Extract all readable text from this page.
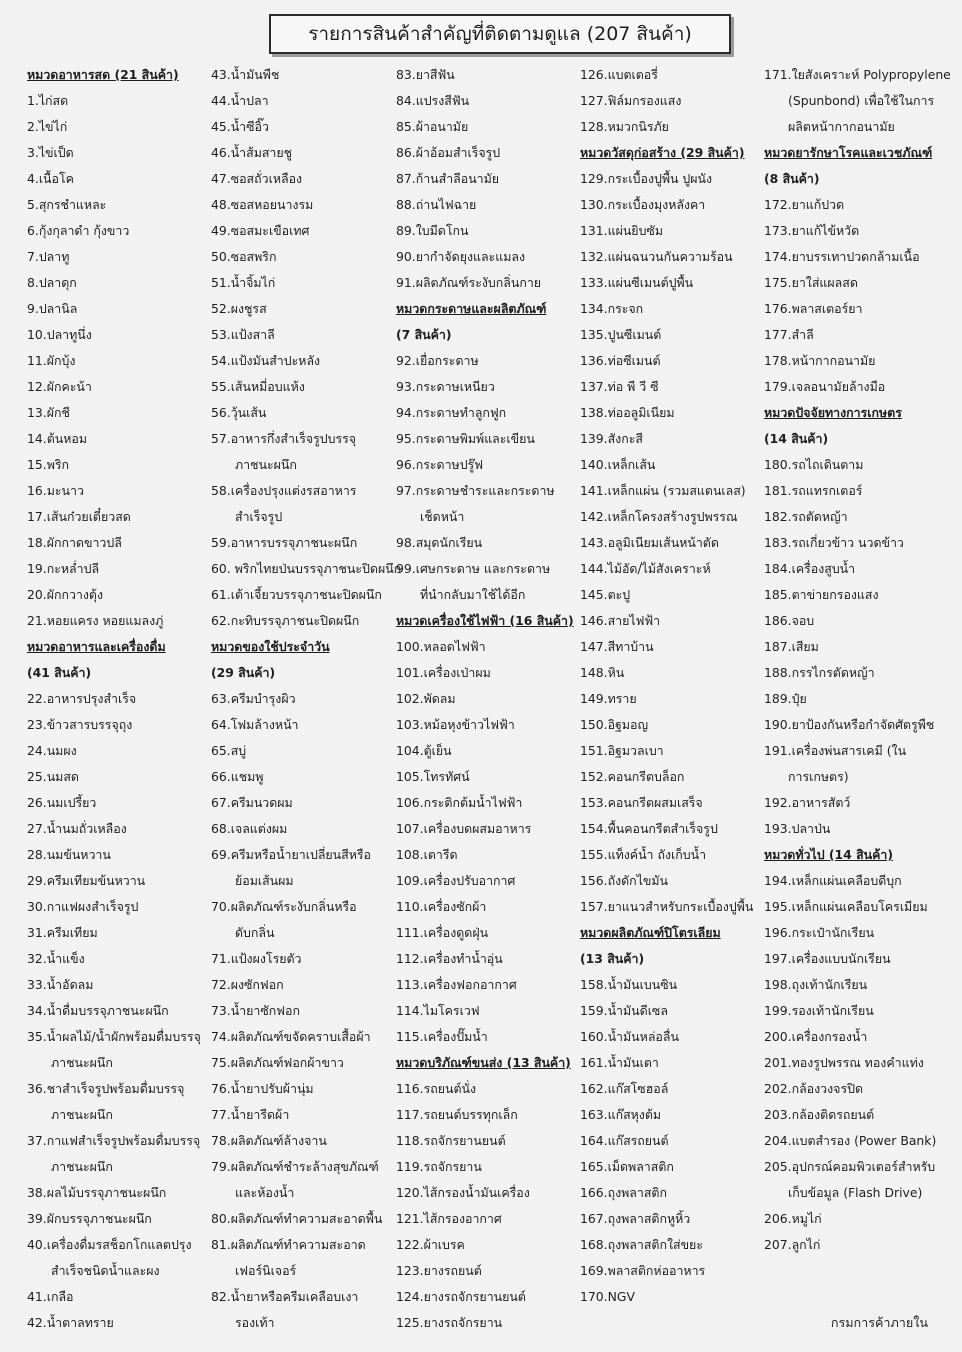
รายการสินค้าสำคัญที่ติดตามดูแล (207 สินค้า)
หมวดอาหารสด (21 สินค้า)
1.ไก่สด
2.ไข่ไก่
3.ไข่เป็ด
4.เนื้อโค
5.สุกรชำแหละ
6.กุ้งกุลาดำ กุ้งขาว
7.ปลาทู
8.ปลาดุก
9.ปลานิล
10.ปลาทูนึ่ง
11.ผักบุ้ง
12.ผักคะน้า
13.ผักชี
14.ต้นหอม
15.พริก
16.มะนาว
17.เส้นก๋วยเตี๋ยวสด
18.ผักกาดขาวปลี
19.กะหล่ำปลี
20.ผักกวางตุ้ง
21.หอยแครง หอยแมลงภู่
หมวดอาหารและเครื่องดื่ม
(41 สินค้า)
22.อาหารปรุงสำเร็จ
23.ข้าวสารบรรจุถุง
24.นมผง
25.นมสด
26.นมเปรี้ยว
27.น้ำนมถั่วเหลือง
28.นมข้นหวาน
29.ครีมเทียมข้นหวาน
30.กาแฟผงสำเร็จรูป
31.ครีมเทียม
32.น้ำแข็ง
33.น้ำอัดลม
34.น้ำดื่มบรรจุภาชนะผนึก
35.น้ำผลไม้/น้ำผักพร้อมดื่มบรรจุ
ภาชนะผนึก
36.ชาสำเร็จรูปพร้อมดื่มบรรจุ
ภาชนะผนึก
37.กาแฟสำเร็จรูปพร้อมดื่มบรรจุ
ภาชนะผนึก
38.ผลไม้บรรจุภาชนะผนึก
39.ผักบรรจุภาชนะผนึก
40.เครื่องดื่มรสช็อกโกแลตปรุง
สำเร็จชนิดน้ำและผง
41.เกลือ
42.น้ำตาลทราย
43.น้ำมันพืช
44.น้ำปลา
45.น้ำซีอิ๊ว
46.น้ำส้มสายชู
47.ซอสถั่วเหลือง
48.ซอสหอยนางรม
49.ซอสมะเขือเทศ
50.ซอสพริก
51.น้ำจิ้มไก่
52.ผงชูรส
53.แป้งสาลี
54.แป้งมันสำปะหลัง
55.เส้นหมี่อบแห้ง
56.วุ้นเส้น
57.อาหารกึ่งสำเร็จรูปบรรจุ
ภาชนะผนึก
58.เครื่องปรุงแต่งรสอาหาร
สำเร็จรูป
59.อาหารบรรจุภาชนะผนึก
60. พริกไทยป่นบรรจุภาชนะปิดผนึก
61.เต้าเจี้ยวบรรจุภาชนะปิดผนึก
62.กะทิบรรจุภาชนะปิดผนึก
หมวดของใช้ประจำวัน
(29 สินค้า)
63.ครีมบำรุงผิว
64.โฟมล้างหน้า
65.สบู่
66.แชมพู
67.ครีมนวดผม
68.เจลแต่งผม
69.ครีมหรือน้ำยาเปลี่ยนสีหรือ
ย้อมเส้นผม
70.ผลิตภัณฑ์ระงับกลิ่นหรือ
ดับกลิ่น
71.แป้งผงโรยตัว
72.ผงซักฟอก
73.น้ำยาซักฟอก
74.ผลิตภัณฑ์ขจัดคราบเสื้อผ้า
75.ผลิตภัณฑ์ฟอกผ้าขาว
76.น้ำยาปรับผ้านุ่ม
77.น้ำยารีดผ้า
78.ผลิตภัณฑ์ล้างจาน
79.ผลิตภัณฑ์ชำระล้างสุขภัณฑ์
และห้องน้ำ
80.ผลิตภัณฑ์ทำความสะอาดพื้น
81.ผลิตภัณฑ์ทำความสะอาด
เฟอร์นิเจอร์
82.น้ำยาหรือครีมเคลือบเงา
รองเท้า
83.ยาสีฟัน
84.แปรงสีฟัน
85.ผ้าอนามัย
86.ผ้าอ้อมสำเร็จรูป
87.ก้านสำลีอนามัย
88.ถ่านไฟฉาย
89.ใบมีดโกน
90.ยากำจัดยุงและแมลง
91.ผลิตภัณฑ์ระงับกลิ่นกาย
หมวดกระดาษและผลิตภัณฑ์
(7 สินค้า)
92.เยื่อกระดาษ
93.กระดาษเหนียว
94.กระดาษทำลูกฟูก
95.กระดาษพิมพ์และเขียน
96.กระดาษปรู๊ฟ
97.กระดาษชำระและกระดาษ
เช็ดหน้า
98.สมุดนักเรียน
99.เศษกระดาษ และกระดาษ
ที่นำกลับมาใช้ได้อีก
หมวดเครื่องใช้ไฟฟ้า (16 สินค้า)
100.หลอดไฟฟ้า
101.เครื่องเป่าผม
102.พัดลม
103.หม้อหุงข้าวไฟฟ้า
104.ตู้เย็น
105.โทรทัศน์
106.กระติกต้มน้ำไฟฟ้า
107.เครื่องบดผสมอาหาร
108.เตารีด
109.เครื่องปรับอากาศ
110.เครื่องซักผ้า
111.เครื่องดูดฝุ่น
112.เครื่องทำน้ำอุ่น
113.เครื่องฟอกอากาศ
114.ไมโครเวฟ
115.เครื่องปั๊มน้ำ
หมวดบริภัณฑ์ขนส่ง (13 สินค้า)
116.รถยนต์นั่ง
117.รถยนต์บรรทุกเล็ก
118.รถจักรยานยนต์
119.รถจักรยาน
120.ไส้กรองน้ำมันเครื่อง
121.ไส้กรองอากาศ
122.ผ้าเบรค
123.ยางรถยนต์
124.ยางรถจักรยานยนต์
125.ยางรถจักรยาน
126.แบตเตอรี่
127.ฟิล์มกรองแสง
128.หมวกนิรภัย
หมวดวัสดุก่อสร้าง (29 สินค้า)
129.กระเบื้องปูพื้น ปูผนัง
130.กระเบื้องมุงหลังคา
131.แผ่นยิบซัม
132.แผ่นฉนวนกันความร้อน
133.แผ่นซีเมนต์ปูพื้น
134.กระจก
135.ปูนซีเมนต์
136.ท่อซีเมนต์
137.ท่อ พี วี ซี
138.ท่ออลูมิเนียม
139.สังกะสี
140.เหล็กเส้น
141.เหล็กแผ่น (รวมสแตนเลส)
142.เหล็กโครงสร้างรูปพรรณ
143.อลูมิเนียมเส้นหน้าตัด
144.ไม้อัด/ไม้สังเคราะห์
145.ตะปู
146.สายไฟฟ้า
147.สีทาบ้าน
148.หิน
149.ทราย
150.อิฐมอญ
151.อิฐมวลเบา
152.คอนกรีตบล็อก
153.คอนกรีตผสมเสร็จ
154.พื้นคอนกรีตสำเร็จรูป
155.แท็งค์น้ำ ถังเก็บน้ำ
156.ถังดักไขมัน
157.ยาแนวสำหรับกระเบื้องปูพื้น
หมวดผลิตภัณฑ์ปิโตรเลียม
(13 สินค้า)
158.น้ำมันเบนซิน
159.น้ำมันดีเซล
160.น้ำมันหล่อลื่น
161.น้ำมันเตา
162.แก๊สโซฮอล์
163.แก๊สหุงต้ม
164.แก๊สรถยนต์
165.เม็ดพลาสติก
166.ถุงพลาสติก
167.ถุงพลาสติกหูหิ้ว
168.ถุงพลาสติกใส่ขยะ
169.พลาสติกห่ออาหาร
170.NGV
171.ใยสังเคราะห์ Polypropylene
(Spunbond) เพื่อใช้ในการ
ผลิตหน้ากากอนามัย
หมวดยารักษาโรคและเวชภัณฑ์
(8 สินค้า)
172.ยาแก้ปวด
173.ยาแก้ไข้หวัด
174.ยาบรรเทาปวดกล้ามเนื้อ
175.ยาใส่แผลสด
176.พลาสเตอร์ยา
177.สำลี
178.หน้ากากอนามัย
179.เจลอนามัยล้างมือ
หมวดปัจจัยทางการเกษตร
(14 สินค้า)
180.รถไถเดินตาม
181.รถแทรกเตอร์
182.รถตัดหญ้า
183.รถเกี่ยวข้าว นวดข้าว
184.เครื่องสูบน้ำ
185.ตาข่ายกรองแสง
186.จอบ
187.เสียม
188.กรรไกรตัดหญ้า
189.ปุ๋ย
190.ยาป้องกันหรือกำจัดศัตรูพืช
191.เครื่องพ่นสารเคมี (ใน
การเกษตร)
192.อาหารสัตว์
193.ปลาป่น
หมวดทั่วไป (14 สินค้า)
194.เหล็กแผ่นเคลือบดีบุก
195.เหล็กแผ่นเคลือบโครเมียม
196.กระเป๋านักเรียน
197.เครื่องแบบนักเรียน
198.ถุงเท้านักเรียน
199.รองเท้านักเรียน
200.เครื่องกรองน้ำ
201.ทองรูปพรรณ ทองคำแท่ง
202.กล้องวงจรปิด
203.กล้องติดรถยนต์
204.แบตสำรอง (Power Bank)
205.อุปกรณ์คอมพิวเตอร์สำหรับ
เก็บข้อมูล (Flash Drive)
206.หมูไก่
207.ลูกไก่
กรมการค้าภายใน
